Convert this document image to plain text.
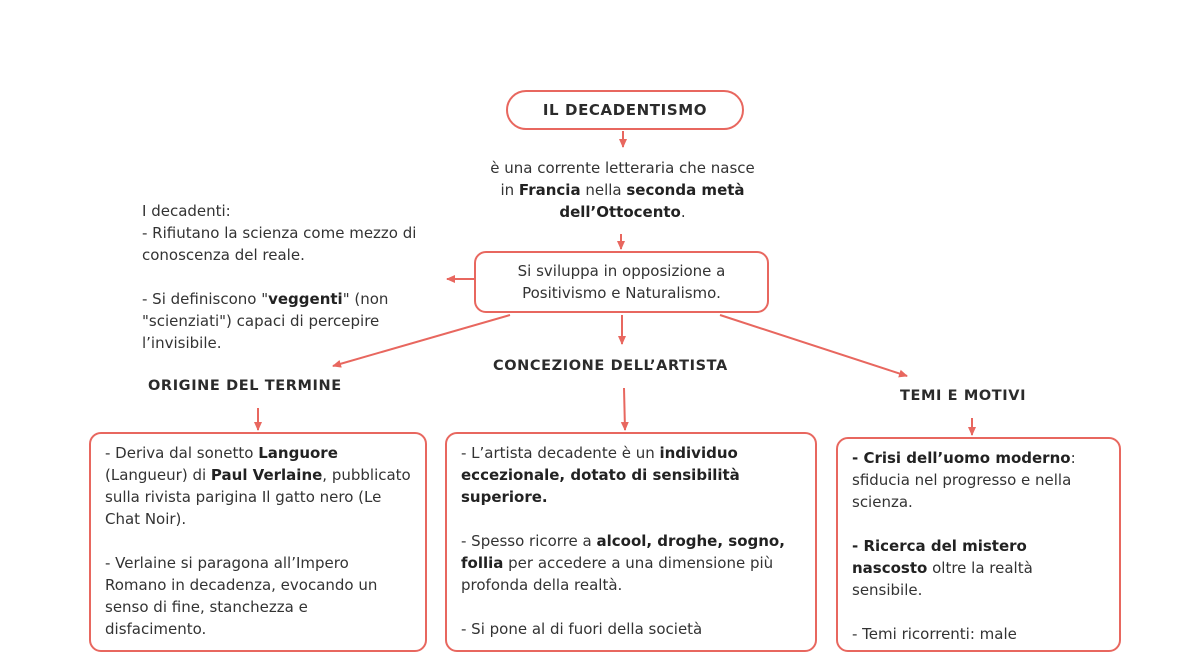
IL DECADENTISMO
è una corrente letteraria che nasce
in Francia nella seconda metà
dell’Ottocento.
Si sviluppa in opposizione a
Positivismo e Naturalismo.
I decadenti:
- Rifiutano la scienza come mezzo di conoscenza del reale.
- Si definiscono "veggenti" (non "scienziati") capaci di percepire l’invisibile.
ORIGINE DEL TERMINE
CONCEZIONE DELL’ARTISTA
TEMI E MOTIVI

- Deriva dal sonetto Languore (Langueur) di Paul Verlaine, pubblicato sulla rivista parigina Il gatto nero (Le Chat Noir).

- Verlaine si paragona all’Impero Romano in decadenza, evocando un senso di fine, stanchezza e disfacimento.

- L’artista decadente è un individuo eccezionale, dotato di sensibilità superiore.

- Spesso ricorre a alcool, droghe, sogno, follia per accedere a una dimensione più profonda della realtà.

- Si pone al di fuori della società

- Crisi dell’uomo moderno: sfiducia nel progresso e nella scienza.

- Ricerca del mistero nascosto oltre la realtà sensibile.

- Temi ricorrenti: male
